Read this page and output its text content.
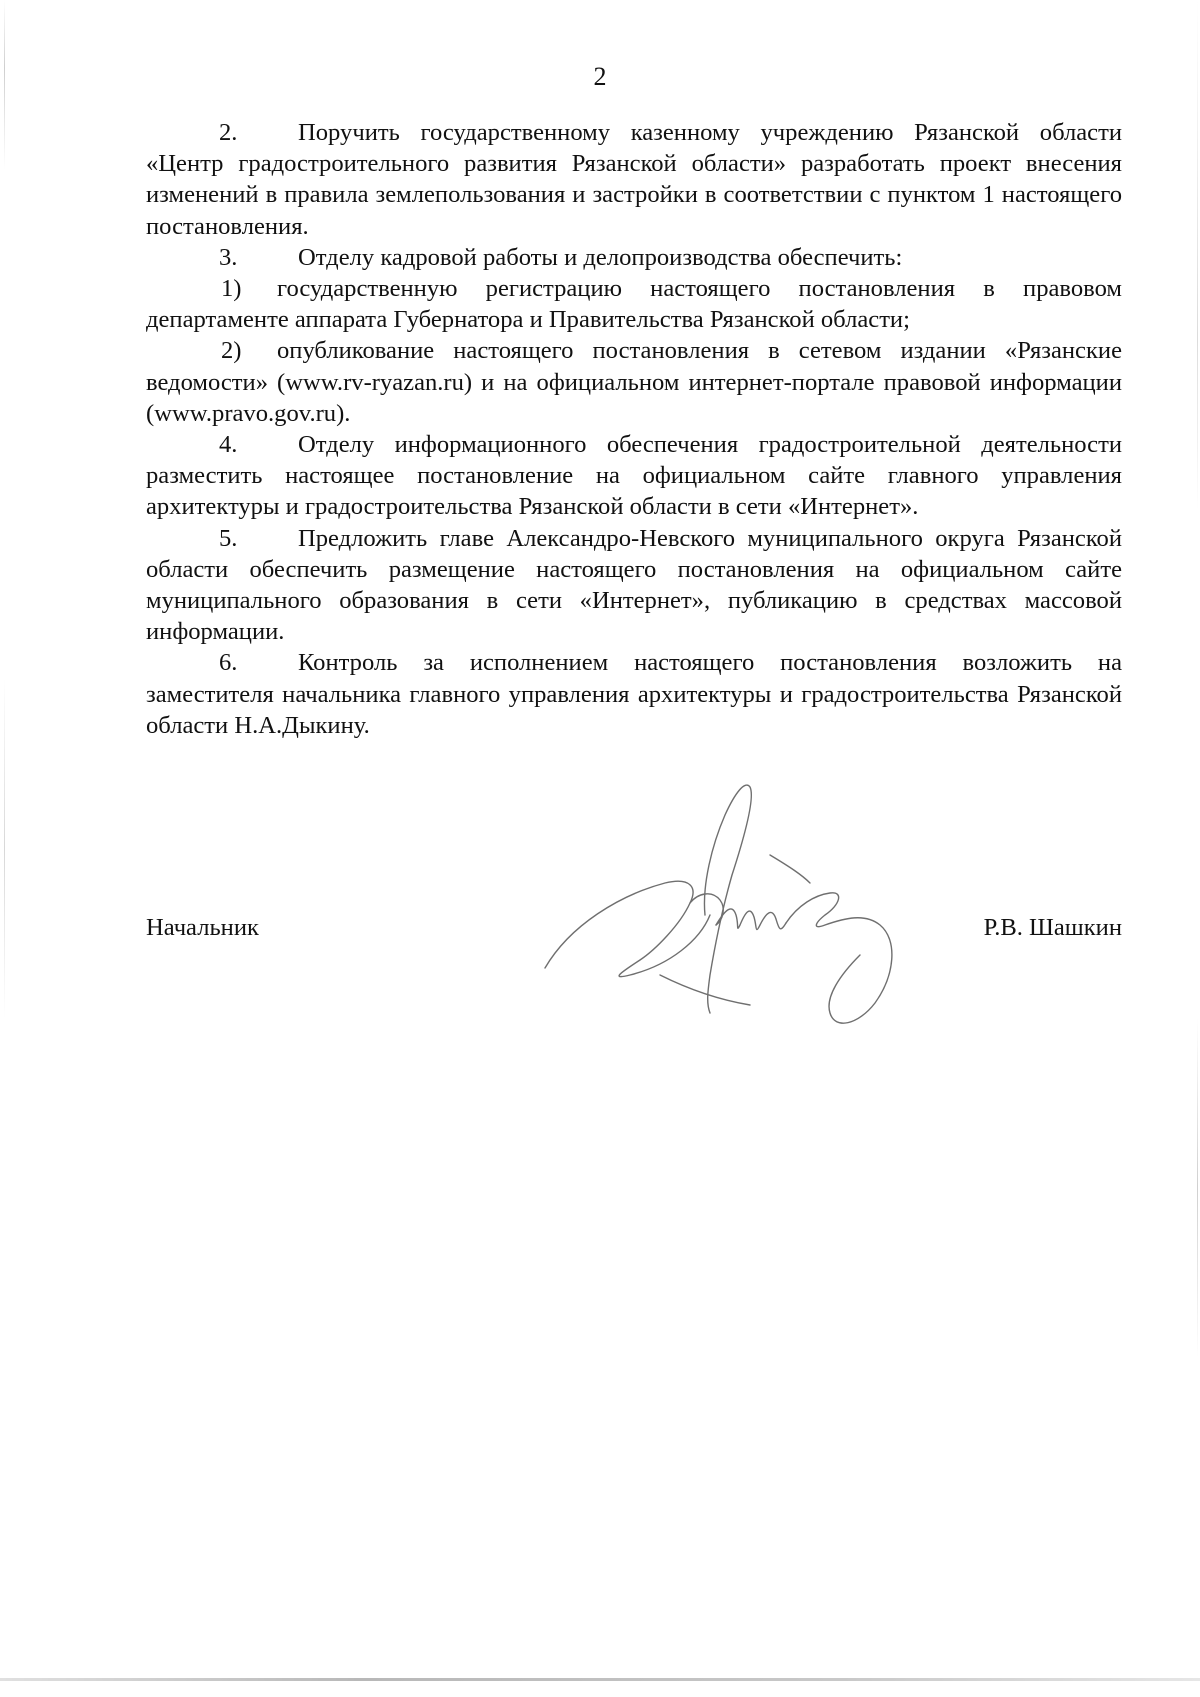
2

2. Поручить государственному казенному учреждению Рязанской области «Центр градостроительного развития Рязанской области» разработать проект внесения изменений в правила землепользования и застройки в соответствии с пунктом 1 настоящего постановления.

3. Отделу кадровой работы и делопроизводства обеспечить:

1) государственную регистрацию настоящего постановления в правовом департаменте аппарата Губернатора и Правительства Рязанской области;

2) опубликование настоящего постановления в сетевом издании «Рязанские ведомости» (www.rv-ryazan.ru) и на официальном интернет-портале правовой информации (www.pravo.gov.ru).

4. Отделу информационного обеспечения градостроительной деятельности разместить настоящее постановление на официальном сайте главного управления архитектуры и градостроительства Рязанской области в сети «Интернет».

5. Предложить главе Александро-Невского муниципального округа Рязанской области обеспечить размещение настоящего постановления на официальном сайте муниципального образования в сети «Интернет», публикацию в средствах массовой информации.

6. Контроль за исполнением настоящего постановления возложить на заместителя начальника главного управления архитектуры и градостроительства Рязанской области Н.А.Дыкину.

Начальник	Р.В. Шашкин
